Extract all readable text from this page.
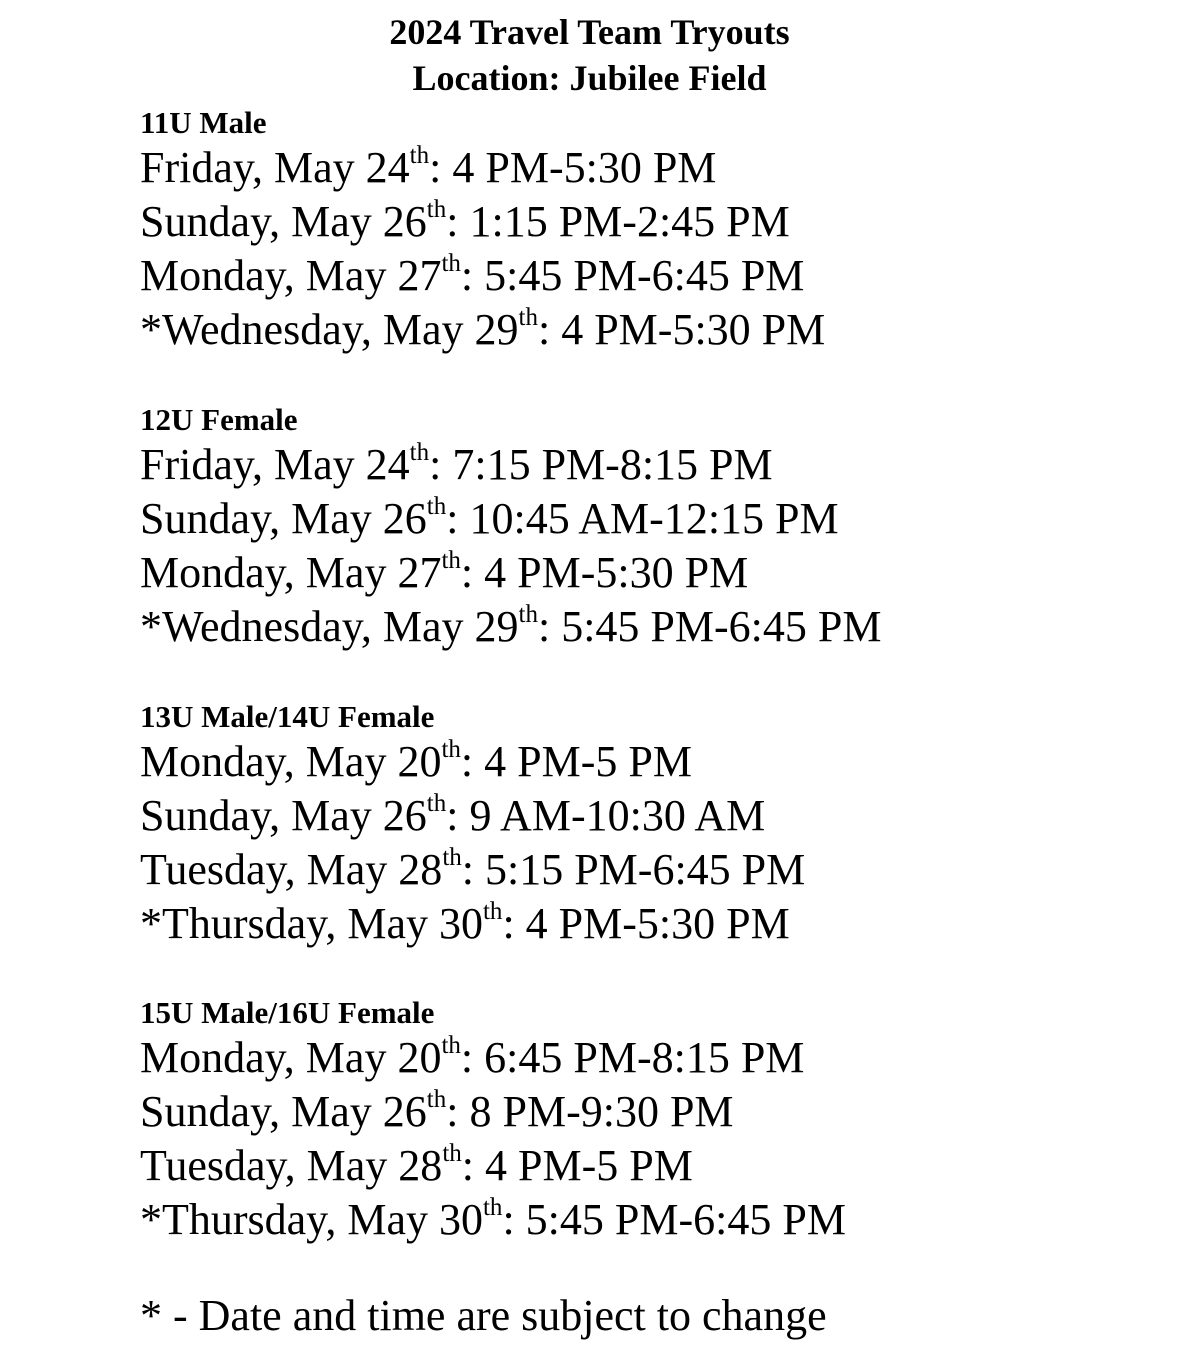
2024 Travel Team Tryouts
Location: Jubilee Field
11U Male
Friday, May 24th: 4 PM-5:30 PM
Sunday, May 26th: 1:15 PM-2:45 PM
Monday, May 27th: 5:45 PM-6:45 PM
*Wednesday, May 29th: 4 PM-5:30 PM
12U Female
Friday, May 24th: 7:15 PM-8:15 PM
Sunday, May 26th: 10:45 AM-12:15 PM
Monday, May 27th: 4 PM-5:30 PM
*Wednesday, May 29th: 5:45 PM-6:45 PM
13U Male/14U Female
Monday, May 20th: 4 PM-5 PM
Sunday, May 26th: 9 AM-10:30 AM
Tuesday, May 28th: 5:15 PM-6:45 PM
*Thursday, May 30th: 4 PM-5:30 PM
15U Male/16U Female
Monday, May 20th: 6:45 PM-8:15 PM
Sunday, May 26th: 8 PM-9:30 PM
Tuesday, May 28th: 4 PM-5 PM
*Thursday, May 30th: 5:45 PM-6:45 PM
* - Date and time are subject to change
